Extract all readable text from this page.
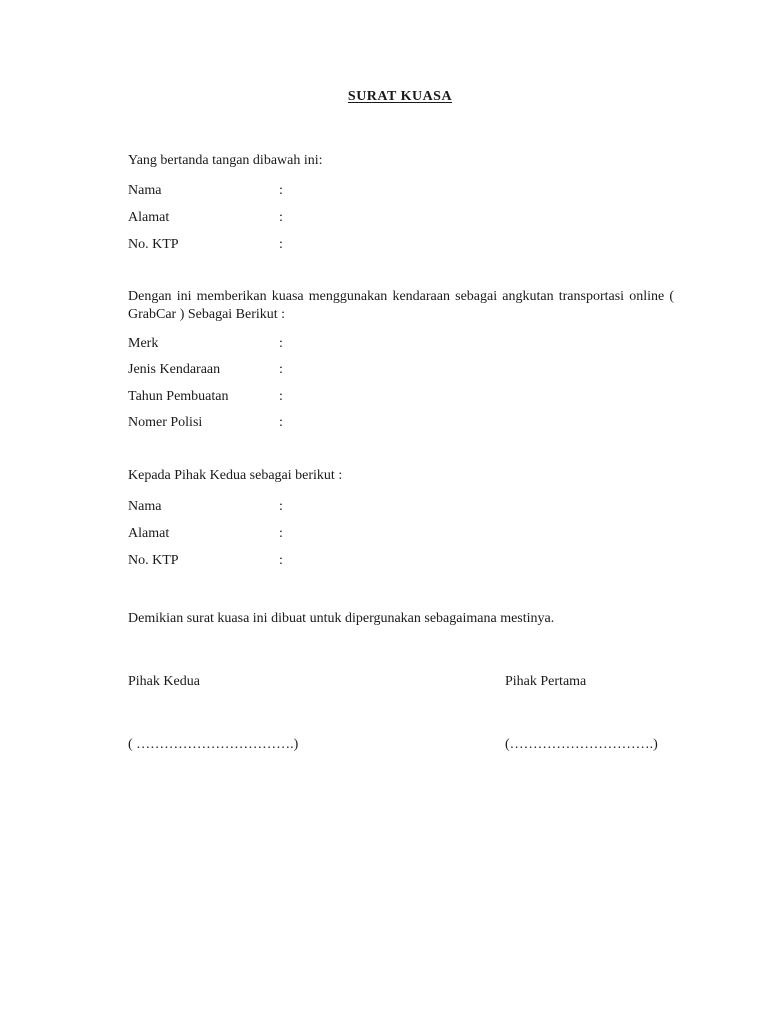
SURAT KUASA
Yang bertanda tangan dibawah ini:
Nama	:
Alamat	:
No. KTP	:
Dengan ini memberikan kuasa menggunakan kendaraan sebagai angkutan transportasi online ( GrabCar ) Sebagai Berikut :
Merk	:
Jenis Kendaraan	:
Tahun Pembuatan	:
Nomer Polisi	:
Kepada Pihak Kedua sebagai berikut :
Nama	:
Alamat	:
No. KTP	:
Demikian surat kuasa ini dibuat untuk dipergunakan sebagaimana mestinya.
Pihak Kedua	Pihak Pertama
( …………………………….)	(………………………….)
